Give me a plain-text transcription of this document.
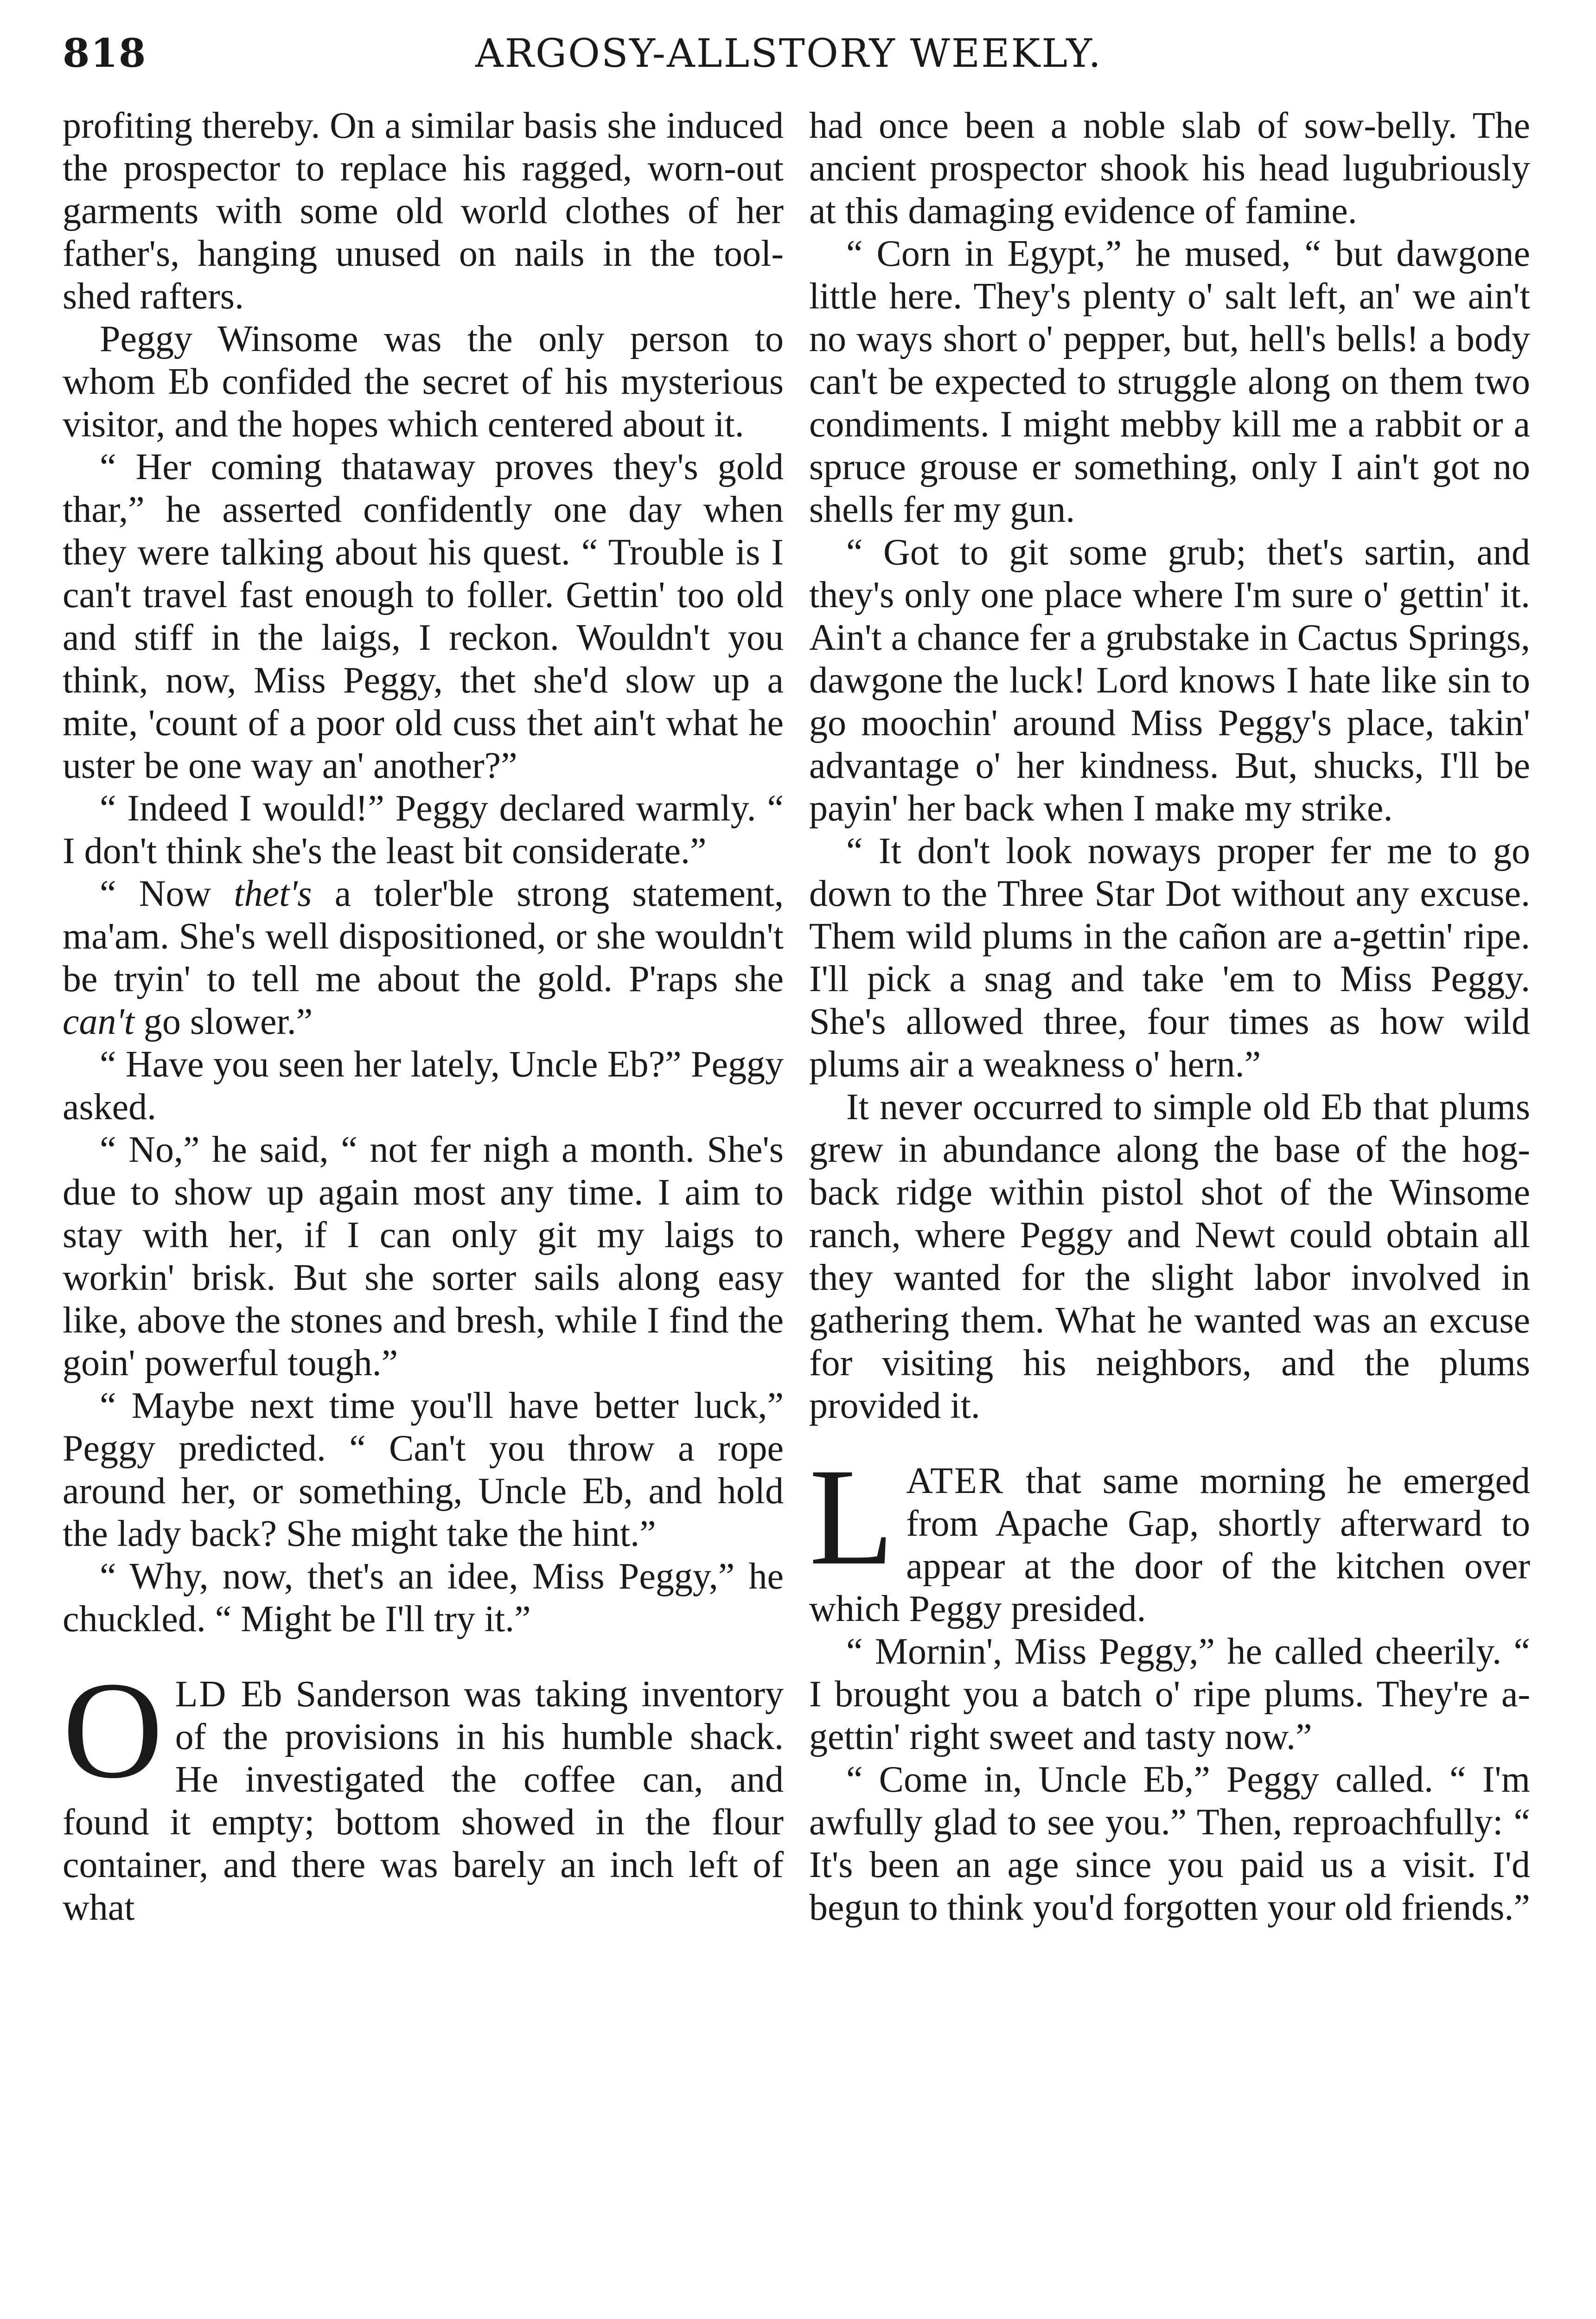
818	ARGOSY-ALLSTORY WEEKLY.

profiting thereby. On a similar basis she induced the prospector to replace his ragged, worn-out garments with some old world clothes of her father's, hanging unused on nails in the tool-shed rafters.

Peggy Winsome was the only person to whom Eb confided the secret of his mysterious visitor, and the hopes which centered about it.

“ Her coming thataway proves they's gold thar,” he asserted confidently one day when they were talking about his quest. “ Trouble is I can't travel fast enough to foller. Gettin' too old and stiff in the laigs, I reckon. Wouldn't you think, now, Miss Peggy, thet she'd slow up a mite, 'count of a poor old cuss thet ain't what he uster be one way an' another?”

“ Indeed I would!” Peggy declared warmly. “ I don't think she's the least bit considerate.”

“ Now thet's a toler'ble strong statement, ma'am. She's well dispositioned, or she wouldn't be tryin' to tell me about the gold. P'raps she can't go slower.”

“ Have you seen her lately, Uncle Eb?” Peggy asked.

“ No,” he said, “ not fer nigh a month. She's due to show up again most any time. I aim to stay with her, if I can only git my laigs to workin' brisk. But she sorter sails along easy like, above the stones and bresh, while I find the goin' powerful tough.”

“ Maybe next time you'll have better luck,” Peggy predicted. “ Can't you throw a rope around her, or something, Uncle Eb, and hold the lady back? She might take the hint.”

“ Why, now, thet's an idee, Miss Peggy,” he chuckled. “ Might be I'll try it.”

OLD Eb Sanderson was taking inventory of the provisions in his humble shack. He investigated the coffee can, and found it empty; bottom showed in the flour container, and there was barely an inch left of what

had once been a noble slab of sow-belly. The ancient prospector shook his head lugubriously at this damaging evidence of famine.

“ Corn in Egypt,” he mused, “ but dawgone little here. They's plenty o' salt left, an' we ain't no ways short o' pepper, but, hell's bells! a body can't be expected to struggle along on them two condiments. I might mebby kill me a rabbit or a spruce grouse er something, only I ain't got no shells fer my gun.

“ Got to git some grub; thet's sartin, and they's only one place where I'm sure o' gettin' it. Ain't a chance fer a grubstake in Cactus Springs, dawgone the luck! Lord knows I hate like sin to go moochin' around Miss Peggy's place, takin' advantage o' her kindness. But, shucks, I'll be payin' her back when I make my strike.

“ It don't look noways proper fer me to go down to the Three Star Dot without any excuse. Them wild plums in the cañon are a-gettin' ripe. I'll pick a snag and take 'em to Miss Peggy. She's allowed three, four times as how wild plums air a weakness o' hern.”

It never occurred to simple old Eb that plums grew in abundance along the base of the hog-back ridge within pistol shot of the Winsome ranch, where Peggy and Newt could obtain all they wanted for the slight labor involved in gathering them. What he wanted was an excuse for visiting his neighbors, and the plums provided it.

LATER that same morning he emerged from Apache Gap, shortly afterward to appear at the door of the kitchen over which Peggy presided.

“ Mornin', Miss Peggy,” he called cheerily. “ I brought you a batch o' ripe plums. They're a-gettin' right sweet and tasty now.”

“ Come in, Uncle Eb,” Peggy called. “ I'm awfully glad to see you.” Then, reproachfully: “ It's been an age since you paid us a visit. I'd begun to think you'd forgotten your old friends.”
